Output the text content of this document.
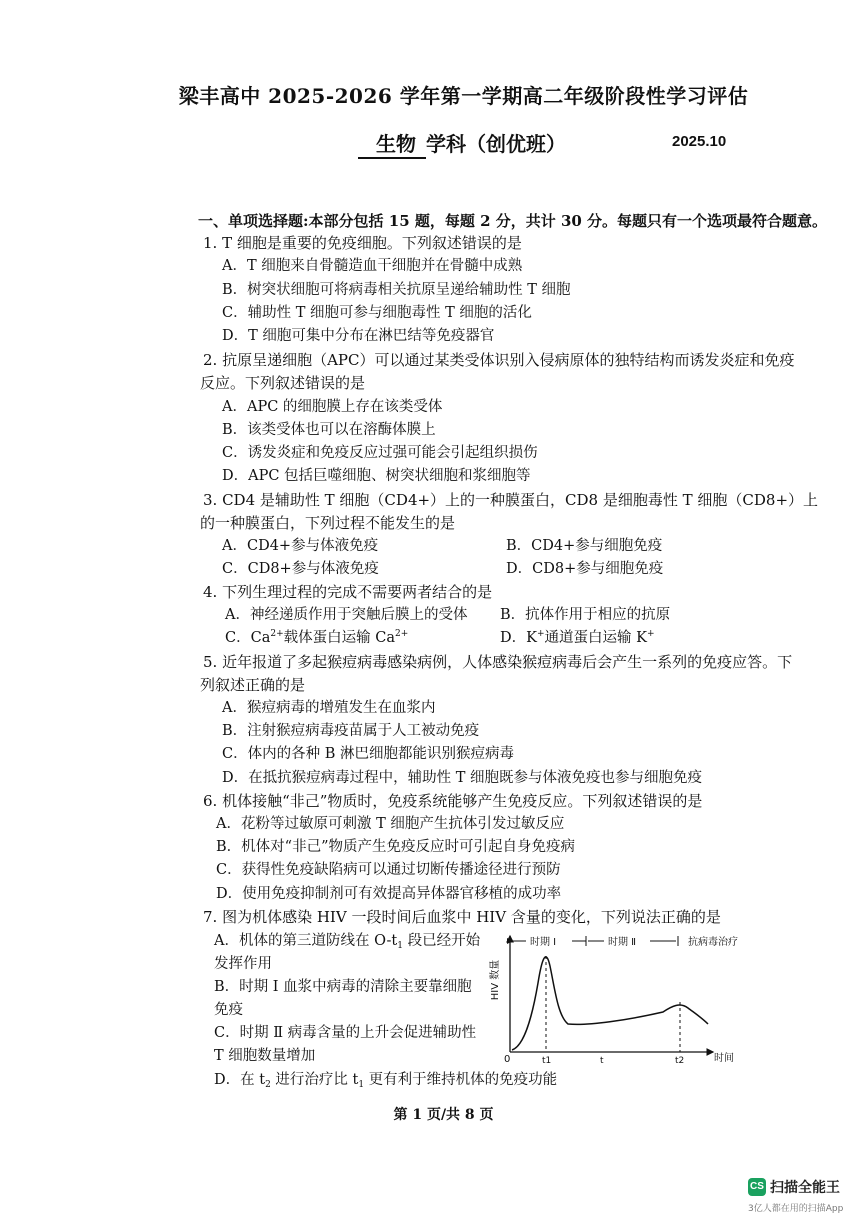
梁丰高中 2025-2026 学年第一学期高二年级阶段性学习评估
生物 学科（创优班）	2025.10
一、单项选择题:本部分包括 15 题，每题 2 分，共计 30 分。每题只有一个选项最符合题意。
1. T 细胞是重要的免疫细胞。下列叙述错误的是
A．T 细胞来自骨髓造血干细胞并在骨髓中成熟
B．树突状细胞可将病毒相关抗原呈递给辅助性 T 细胞
C．辅助性 T 细胞可参与细胞毒性 T 细胞的活化
D．T 细胞可集中分布在淋巴结等免疫器官
2. 抗原呈递细胞（APC）可以通过某类受体识别入侵病原体的独特结构而诱发炎症和免疫
反应。下列叙述错误的是
A．APC 的细胞膜上存在该类受体
B．该类受体也可以在溶酶体膜上
C．诱发炎症和免疫反应过强可能会引起组织损伤
D．APC 包括巨噬细胞、树突状细胞和浆细胞等
3. CD4 是辅助性 T 细胞（CD4+）上的一种膜蛋白，CD8 是细胞毒性 T 细胞（CD8+）上
的一种膜蛋白，下列过程不能发生的是
A．CD4+参与体液免疫	B．CD4+参与细胞免疫
C．CD8+参与体液免疫	D．CD8+参与细胞免疫
4. 下列生理过程的完成不需要两者结合的是
A．神经递质作用于突触后膜上的受体 B．抗体作用于相应的抗原
C．$Ca^{2+}$载体蛋白运输 $Ca^{2+}$	D．K+通道蛋白运输 K+
5. 近年报道了多起猴痘病毒感染病例，人体感染猴痘病毒后会产生一系列的免疫应答。下
列叙述正确的是
A．猴痘病毒的增殖发生在血浆内
B．注射猴痘病毒疫苗属于人工被动免疫
C．体内的各种 B 淋巴细胞都能识别猴痘病毒
D．在抵抗猴痘病毒过程中，辅助性 T 细胞既参与体液免疫也参与细胞免疫
6. 机体接触“非己”物质时，免疫系统能够产生免疫反应。下列叙述错误的是
A．花粉等过敏原可刺激 T 细胞产生抗体引发过敏反应
B．机体对“非己”物质产生免疫反应时可引起自身免疫病
C．获得性免疫缺陷病可以通过切断传播途径进行预防
D．使用免疫抑制剂可有效提高异体器官移植的成功率
7. 图为机体感染 HIV 一段时间后血浆中 HIV 含量的变化，下列说法正确的是
A．机体的第三道防线在 $O-t_1$ 段已经开始
发挥作用
B．时期 Ⅰ 血浆中病毒的清除主要靠细胞
免疫
C．时期 Ⅱ 病毒含量的上升会促进辅助性
T 细胞数量增加
D．在 $t_2$ 进行治疗比 $t_1$ 更有利于维持机体的免疫功能
时期 Ⅰ	时期 Ⅱ	抗病毒治疗
HIV 数量
0	t1	t	t2	时间
第 1 页/共 8 页
CS 扫描全能王
3亿人都在用的扫描App
